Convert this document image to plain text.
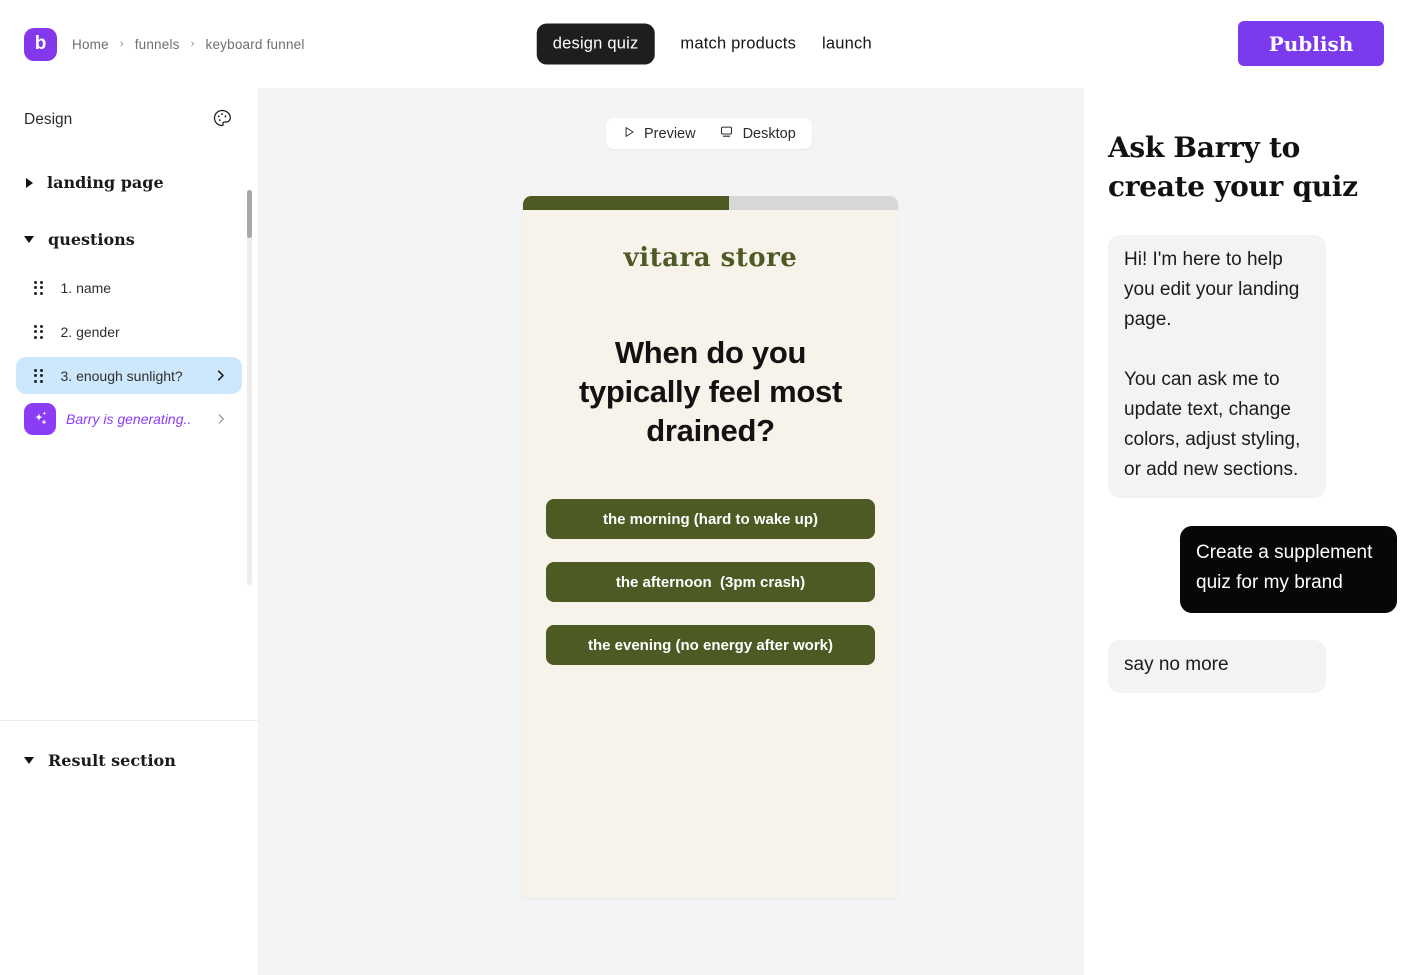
b	Home › funnels › keyboard funnel	design quiz	match products launch	Publish
Design
landing page
questions
1. name
2. gender
3. enough sunlight?
Barry is generating..
Result section
Preview	Desktop
vitara store
When do you typically feel most drained?
the morning (hard to wake up)
the afternoon  (3pm crash)
the evening (no energy after work)
Ask Barry to create your quiz

Hi! I'm here to help you edit your landing page.

You can ask me to update text, change colors, adjust styling, or add new sections.

Create a supplement quiz for my brand
say no more
